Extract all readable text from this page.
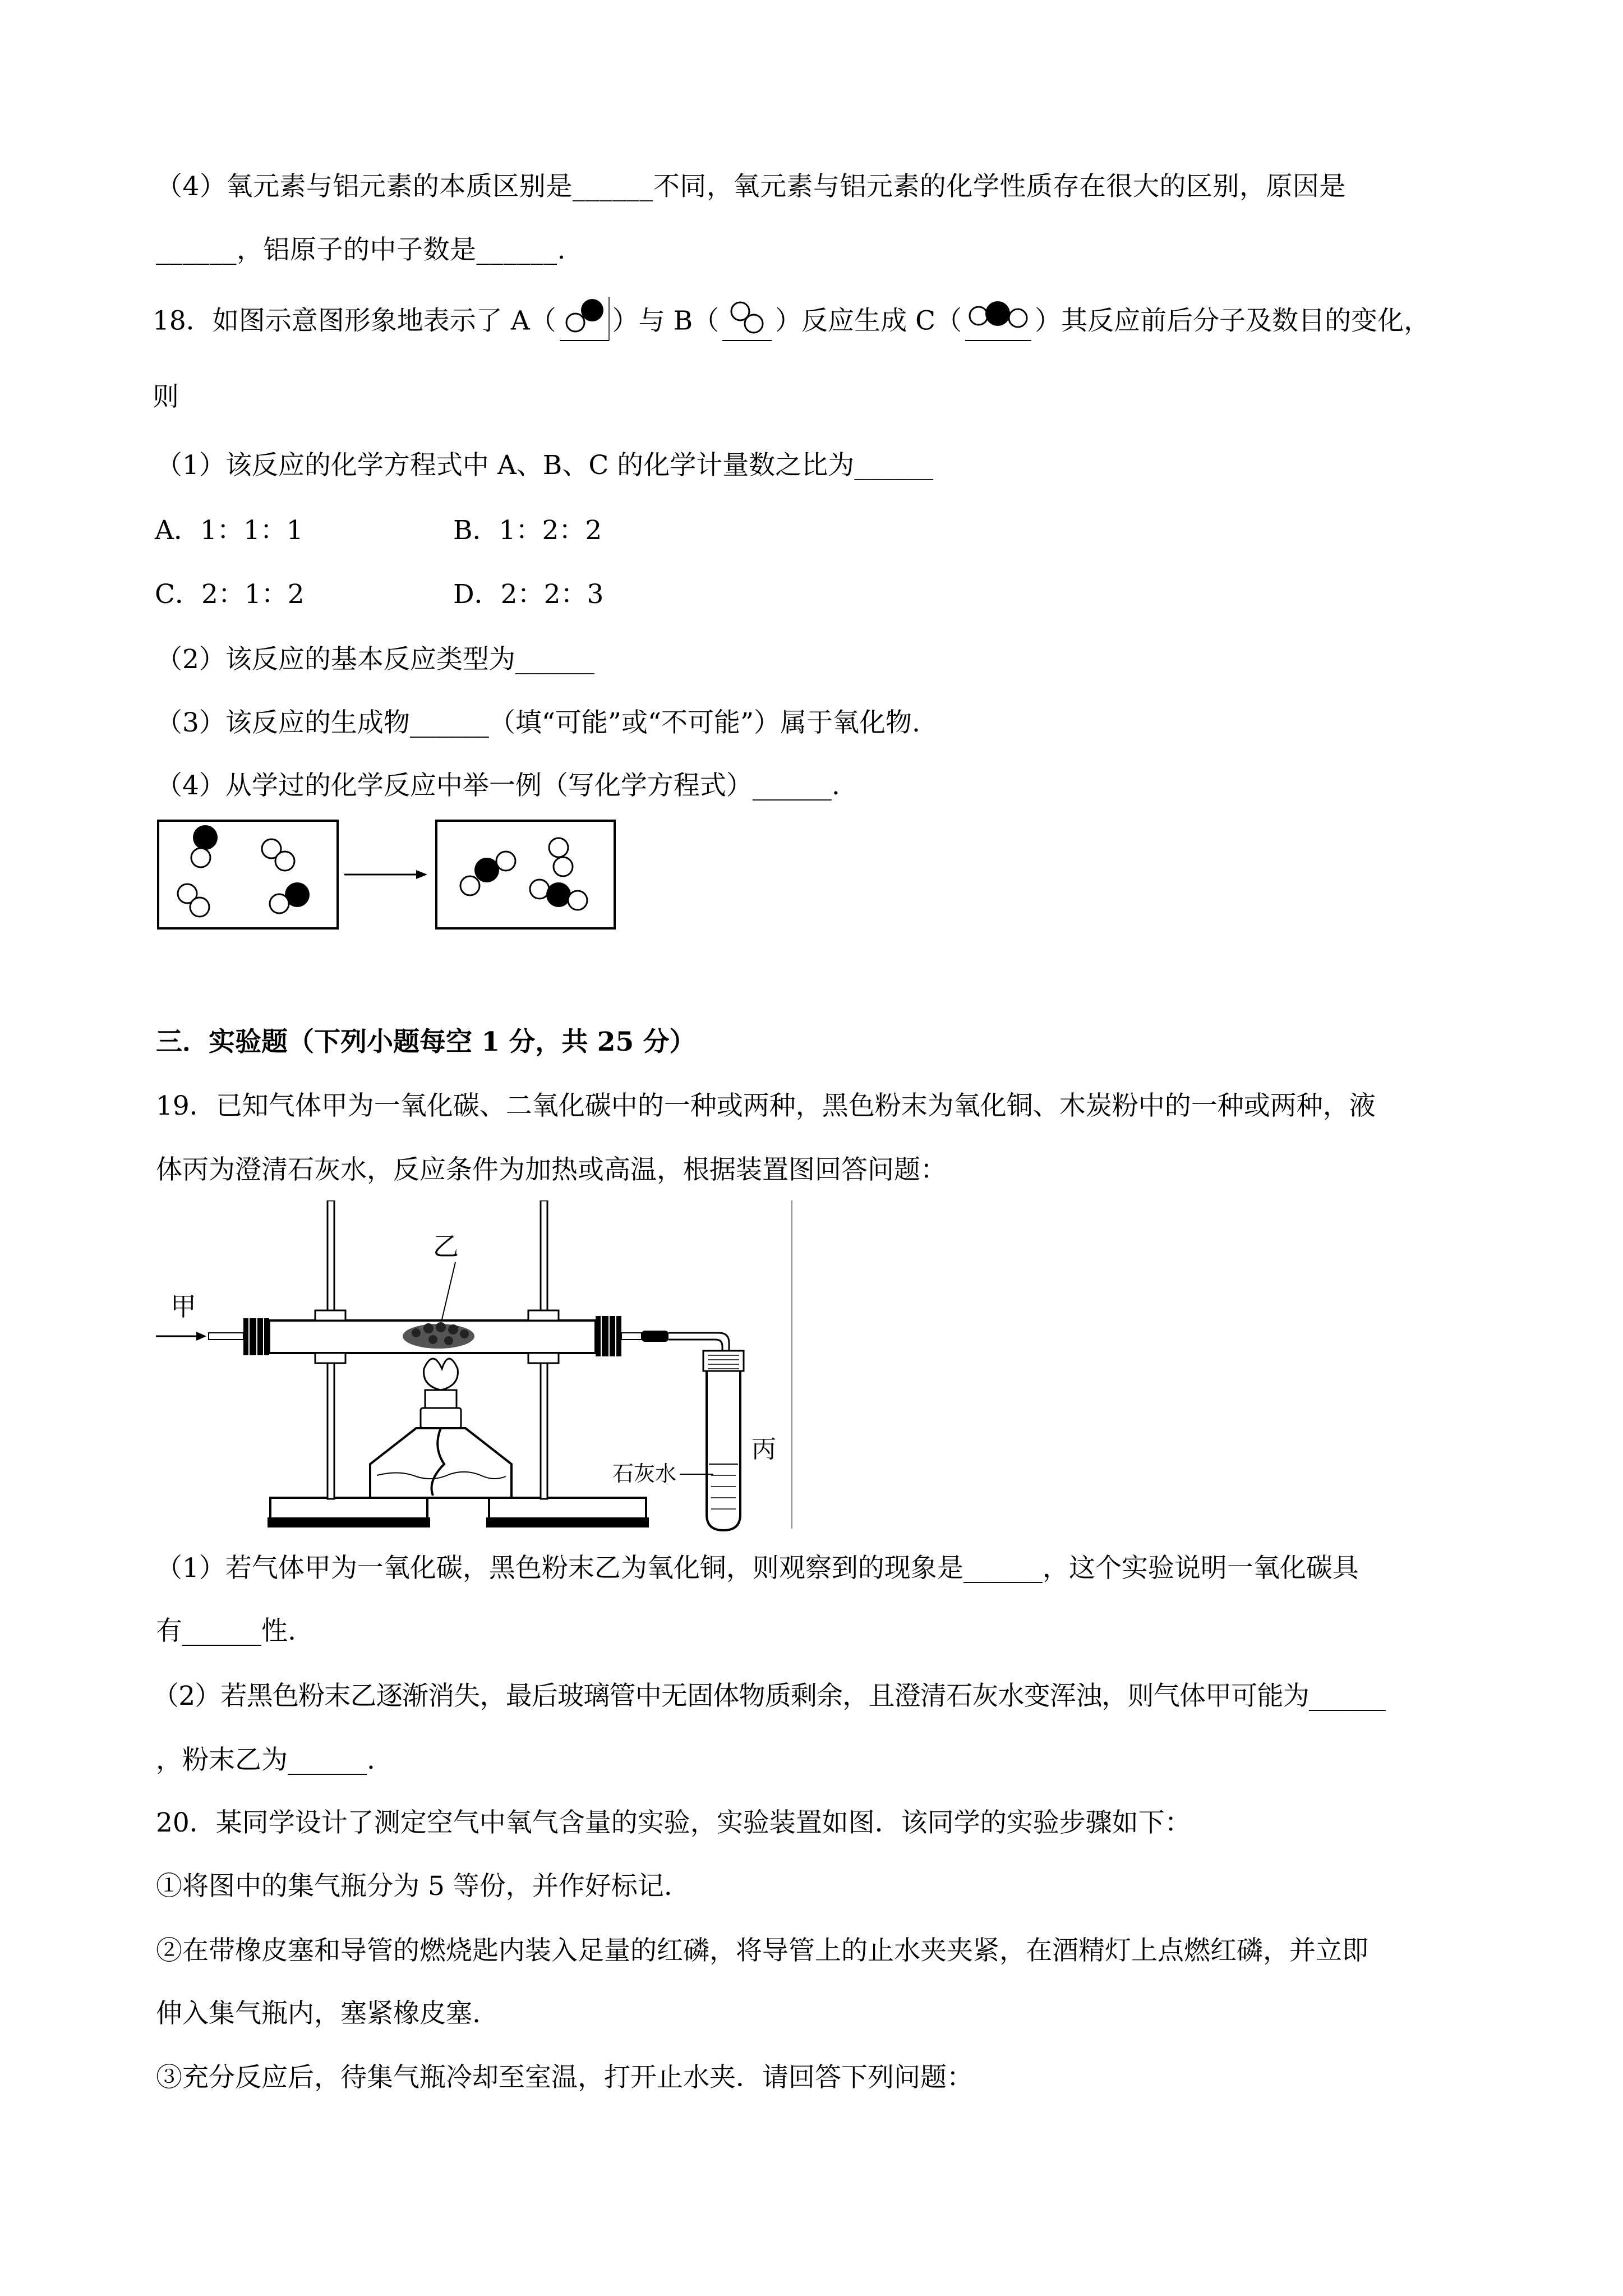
（4）氧元素与铝元素的本质区别是______不同，氧元素与铝元素的化学性质存在很大的区别，原因是

______，铝原子的中子数是______.

18．如图示意图形象地表示了 A（ ）与 B（ ）反应生成 C（	）其反应前后分子及数目的变化，

则

（1）该反应的化学方程式中 A、B、C 的化学计量数之比为______

A．1：1：1	B．1：2：2

C．2：1：2	D．2：2：3

（2）该反应的基本反应类型为______

（3）该反应的生成物______（填“可能”或“不可能”）属于氧化物.

（4）从学过的化学反应中举一例（写化学方程式）______.

三．实验题（下列小题每空 1 分，共 25 分）

19．已知气体甲为一氧化碳、二氧化碳中的一种或两种，黑色粉末为氧化铜、木炭粉中的一种或两种，液

体丙为澄清石灰水，反应条件为加热或高温，根据装置图回答问题：

甲
丙
石灰水
乙

（1）若气体甲为一氧化碳，黑色粉末乙为氧化铜，则观察到的现象是______，这个实验说明一氧化碳具

有______性.

（2）若黑色粉末乙逐渐消失，最后玻璃管中无固体物质剩余，且澄清石灰水变浑浊，则气体甲可能为______

，粉末乙为______.

20．某同学设计了测定空气中氧气含量的实验，实验装置如图．该同学的实验步骤如下：

①将图中的集气瓶分为 5 等份，并作好标记.

②在带橡皮塞和导管的燃烧匙内装入足量的红磷，将导管上的止水夹夹紧，在酒精灯上点燃红磷，并立即

伸入集气瓶内，塞紧橡皮塞.

③充分反应后，待集气瓶冷却至室温，打开止水夹．请回答下列问题：
